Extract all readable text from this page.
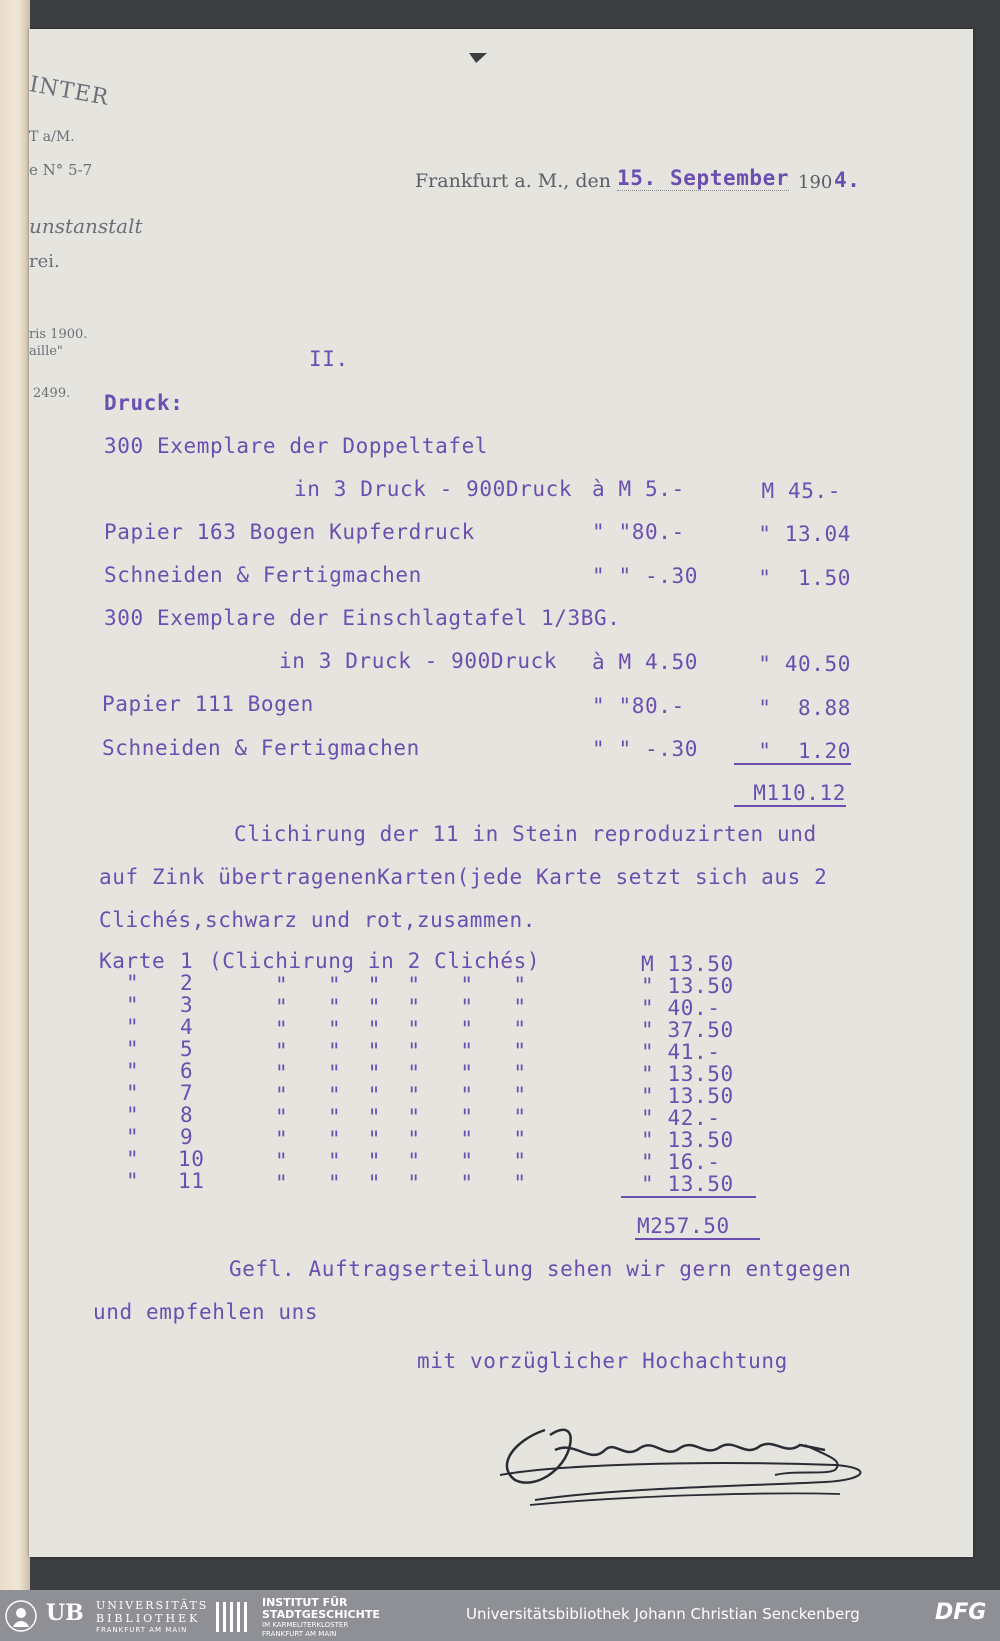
INTER
T a/M.
e N° 5-7
unstanstalt
rei.
ris 1900.
aille"
2499.
Frankfurt a. M., den 15. September 190 4.
II.
Druck:
300 Exemplare der Doppeltafel
in 3 Druck - 900Druck à M 5.-	M 45.-
Papier 163 Bogen Kupferdruck	" "80.-	" 13.04
Schneiden & Fertigmachen	" " -.30	"  1.50
300 Exemplare der Einschlagtafel 1/3BG.
in 3 Druck - 900Druck à M 4.50	" 40.50
Papier 111 Bogen	" "80.-	"  8.88
Schneiden & Fertigmachen	" " -.30	"  1.20
M110.12
Clichirung der 11 in Stein reproduzirten und
auf Zink übertragenenKarten(jede Karte setzt sich aus 2
Clichés,schwarz und rot,zusammen.
Karte 1 (Clichirung in 2 Clichés)	M 13.50
" 2	"   "  "  "   "   "	" 13.50
" 3	"   "  "  "   "   "	" 40.-
" 4	"   "  "  "   "   "	" 37.50
" 5	"   "  "  "   "   "	" 41.-
" 6	"   "  "  "   "   "	" 13.50
" 7	"   "  "  "   "   "	" 13.50
" 8	"   "  "  "   "   "	" 42.-
" 9	"   "  "  "   "   "	" 13.50
" 10	"   "  "  "   "   "	" 16.-
" 11	"   "  "  "   "   "	" 13.50
M257.50
Gefl. Auftragserteilung sehen wir gern entgegen
und empfehlen uns
mit vorzüglicher Hochachtung
UB UNIVERSITÄTS
BIBLIOTHEK
FRANKFURT AM MAIN
INSTITUT FÜR
STADTGESCHICHTE
IM KARMELITERKLOSTER
FRANKFURT AM MAIN
Universitätsbibliothek Johann Christian Senckenberg	DFG
